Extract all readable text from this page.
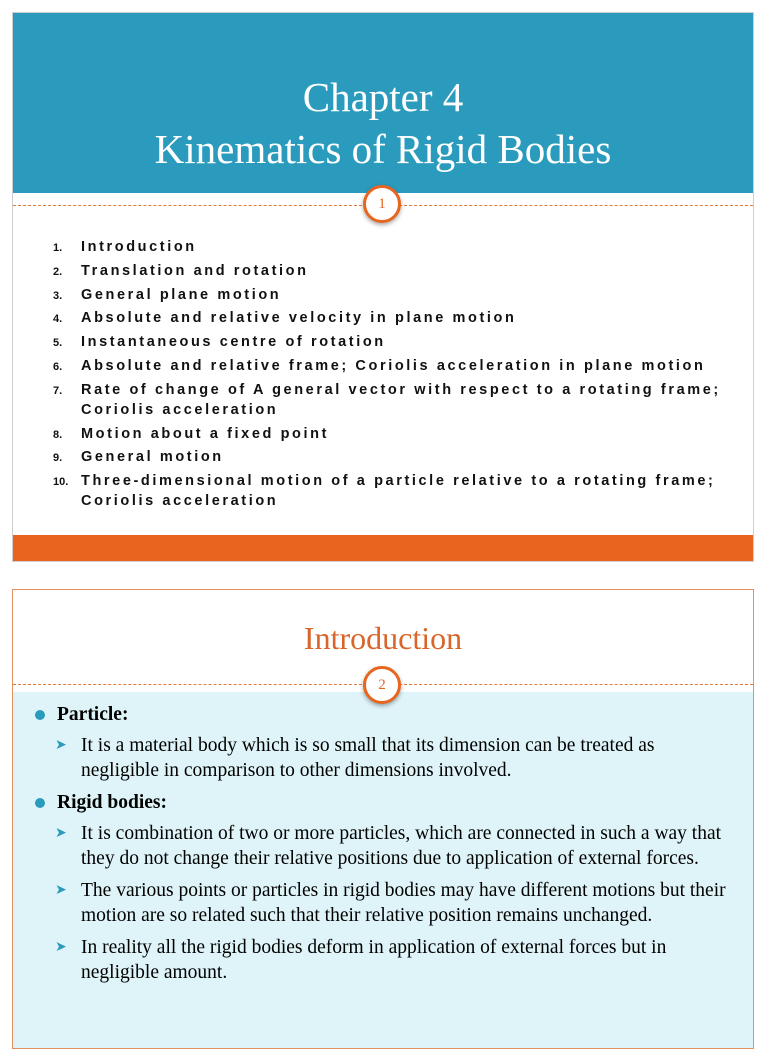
Chapter 4
Kinematics of Rigid Bodies
1
1. Introduction
2. Translation and rotation
3. General plane motion
4. Absolute and relative velocity in plane motion
5. Instantaneous centre of rotation
6. Absolute and relative frame; Coriolis acceleration in plane motion
7. Rate of change of A general vector with respect to a rotating frame; Coriolis acceleration
8. Motion about a fixed point
9. General motion
10. Three-dimensional motion of a particle relative to a rotating frame; Coriolis acceleration
Introduction
2
Particle:
➤ It is a material body which is so small that its dimension can be treated as negligible in comparison to other dimensions involved.
Rigid bodies:
➤ It is combination of two or more particles, which are connected in such a way that they do not change their relative positions due to application of external forces.
➤ The various points or particles in rigid bodies may have different motions but their motion are so related such that their relative position remains unchanged.
➤ In reality all the rigid bodies deform in application of external forces but in negligible amount.
